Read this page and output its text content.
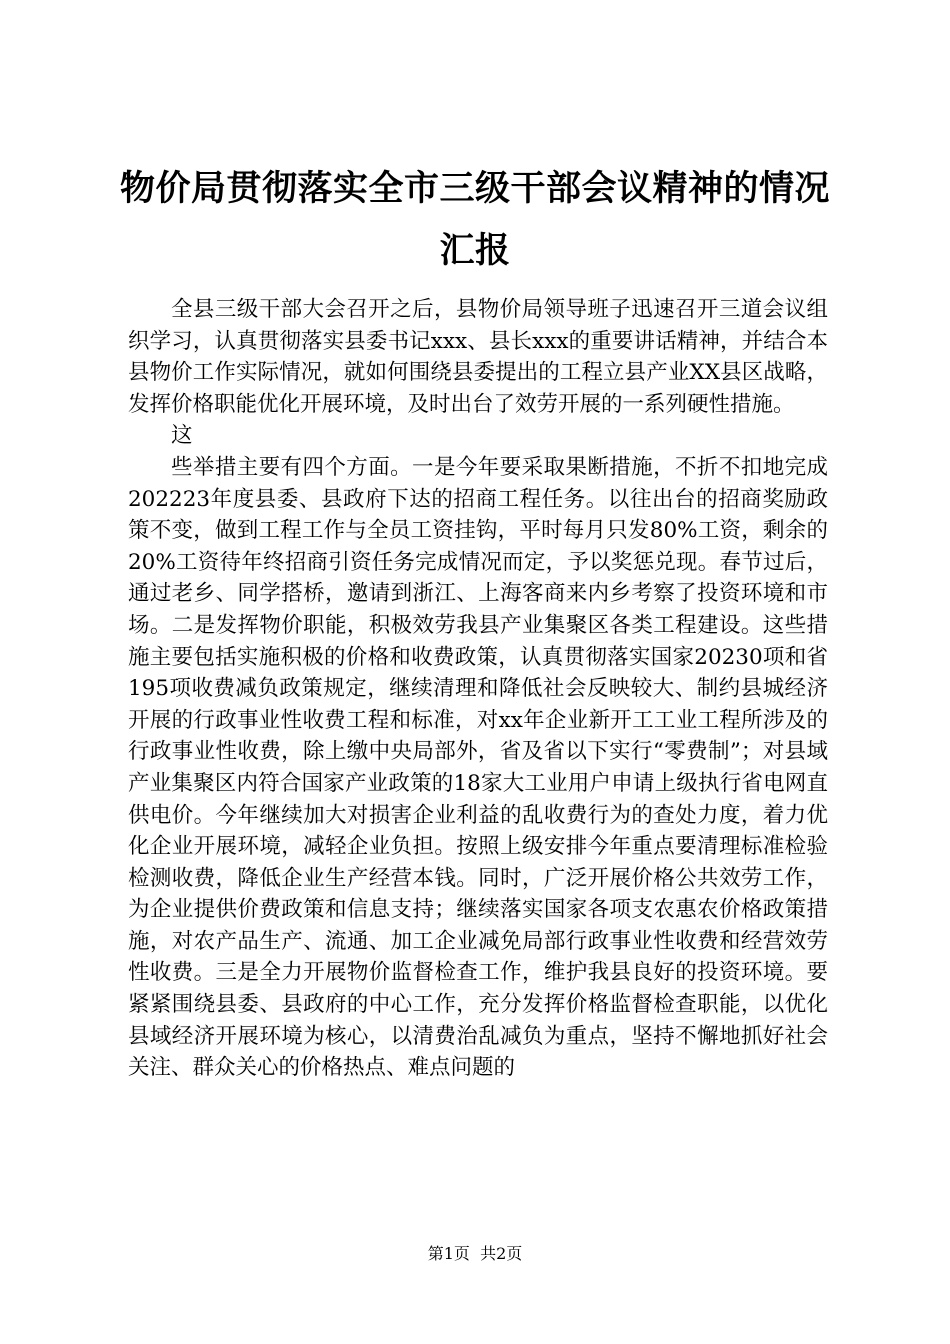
物价局贯彻落实全市三级干部会议精神的情况汇报

全县三级干部大会召开之后，县物价局领导班子迅速召开三道会议组织学习，认真贯彻落实县委书记xxx、县长xxx的重要讲话精神，并结合本县物价工作实际情况，就如何围绕县委提出的工程立县产业XX县区战略，发挥价格职能优化开展环境，及时出台了效劳开展的一系列硬性措施。

这

些举措主要有四个方面。一是今年要采取果断措施，不折不扣地完成202223年度县委、县政府下达的招商工程任务。以往出台的招商奖励政策不变，做到工程工作与全员工资挂钩，平时每月只发80%工资，剩余的20%工资待年终招商引资任务完成情况而定，予以奖惩兑现。春节过后，通过老乡、同学搭桥，邀请到浙江、上海客商来内乡考察了投资环境和市场。二是发挥物价职能，积极效劳我县产业集聚区各类工程建设。这些措施主要包括实施积极的价格和收费政策，认真贯彻落实国家20230项和省195项收费减负政策规定，继续清理和降低社会反映较大、制约县城经济开展的行政事业性收费工程和标准，对xx年企业新开工工业工程所涉及的行政事业性收费，除上缴中央局部外，省及省以下实行“零费制”；对县域产业集聚区内符合国家产业政策的18家大工业用户申请上级执行省电网直供电价。今年继续加大对损害企业利益的乱收费行为的查处力度，着力优化企业开展环境，减轻企业负担。按照上级安排今年重点要清理标准检验检测收费，降低企业生产经营本钱。同时，广泛开展价格公共效劳工作，为企业提供价费政策和信息支持；继续落实国家各项支农惠农价格政策措施，对农产品生产、流通、加工企业减免局部行政事业性收费和经营效劳性收费。三是全力开展物价监督检查工作，维护我县良好的投资环境。要紧紧围绕县委、县政府的中心工作，充分发挥价格监督检查职能，以优化县域经济开展环境为核心，以清费治乱减负为重点，坚持不懈地抓好社会关注、群众关心的价格热点、难点问题的

第1页  共2页
